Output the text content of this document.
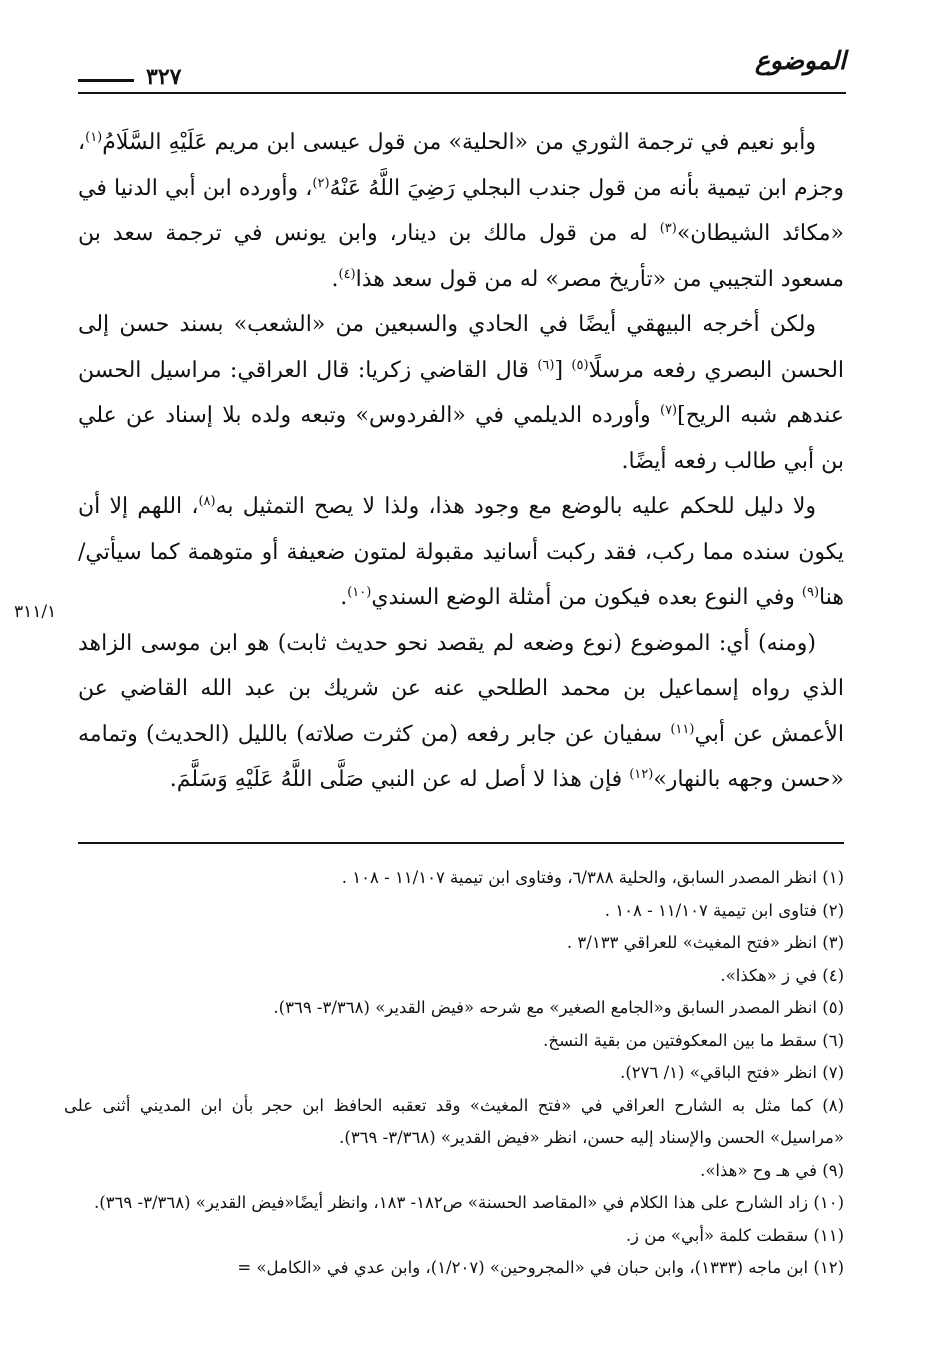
الموضوع
٣٢٧

وأبو نعيم في ترجمة الثوري من «الحلية» من قول عيسى ابن مريم عَلَيْهِ السَّلَامُ$^{(١)}$، وجزم ابن تيمية بأنه من قول جندب البجلي رَضِيَ اللَّهُ عَنْهُ$^{(٢)}$، وأورده ابن أبي الدنيا في «مكائد الشيطان»$^{(٣)}$ له من قول مالك بن دينار، وابن يونس في ترجمة سعد بن مسعود التجيبي من «تأريخ مصر» له من قول سعد هذا$^{(٤)}$.

ولكن أخرجه البيهقي أيضًا في الحادي والسبعين من «الشعب» بسند حسن إلى الحسن البصري رفعه مرسلًا$^{(٥)}$ [$^{(٦)}$ قال القاضي زكريا: قال العراقي: مراسيل الحسن عندهم شبه الريح]$^{(٧)}$ وأورده الديلمي في «الفردوس» وتبعه ولده بلا إسناد عن علي بن أبي طالب رفعه أيضًا.

ولا دليل للحكم عليه بالوضع مع وجود هذا، ولذا لا يصح التمثيل به$^{(٨)}$، اللهم إلا أن يكون سنده مما ركب، فقد ركبت أسانيد مقبولة لمتون ضعيفة أو متوهمة كما سيأتي/ هنا$^{(٩)}$ وفي النوع بعده فيكون من أمثلة الوضع السندي$^{(١٠)}$.

(ومنه) أي: الموضوع (نوع وضعه لم يقصد نحو حديث ثابت) هو ابن موسى الزاهد الذي رواه إسماعيل بن محمد الطلحي عنه عن شريك بن عبد الله القاضي عن الأعمش عن أبي$^{(١١)}$ سفيان عن جابر رفعه (من كثرت صلاته) بالليل (الحديث) وتمامه «حسن وجهه بالنهار»$^{(١٢)}$ فإن هذا لا أصل له عن النبي صَلَّى اللَّهُ عَلَيْهِ وَسَلَّمَ.

٣١١/١
(١) انظر المصدر السابق، والحلية ٦/٣٨٨، وفتاوى ابن تيمية ١١/١٠٧ - ١٠٨ .
(٢) فتاوى ابن تيمية ١١/١٠٧ - ١٠٨ .
(٣) انظر «فتح المغيث» للعراقي ٣/١٣٣ .
(٤) في ز «هكذا».
(٥) انظر المصدر السابق و«الجامع الصغير» مع شرحه «فيض القدير» (٣/٣٦٨- ٣٦٩).
(٦) سقط ما بين المعكوفتين من بقية النسخ.
(٧) انظر «فتح الباقي» (١/ ٢٧٦).
(٨) كما مثل به الشارح العراقي في «فتح المغيث» وقد تعقبه الحافظ ابن حجر بأن ابن المديني أثنى على «مراسيل» الحسن والإسناد إليه حسن، انظر «فيض القدير» (٣/٣٦٨- ٣٦٩).
(٩) في هـ وح «هذا».
(١٠) زاد الشارح على هذا الكلام في «المقاصد الحسنة» ص١٨٢- ١٨٣، وانظر أيضًا«فيض القدير» (٣/٣٦٨- ٣٦٩).
(١١) سقطت كلمة «أبي» من ز.
(١٢) ابن ماجه (١٣٣٣)، وابن حبان في «المجروحين» (١/٢٠٧)، وابن عدي في «الكامل» =
